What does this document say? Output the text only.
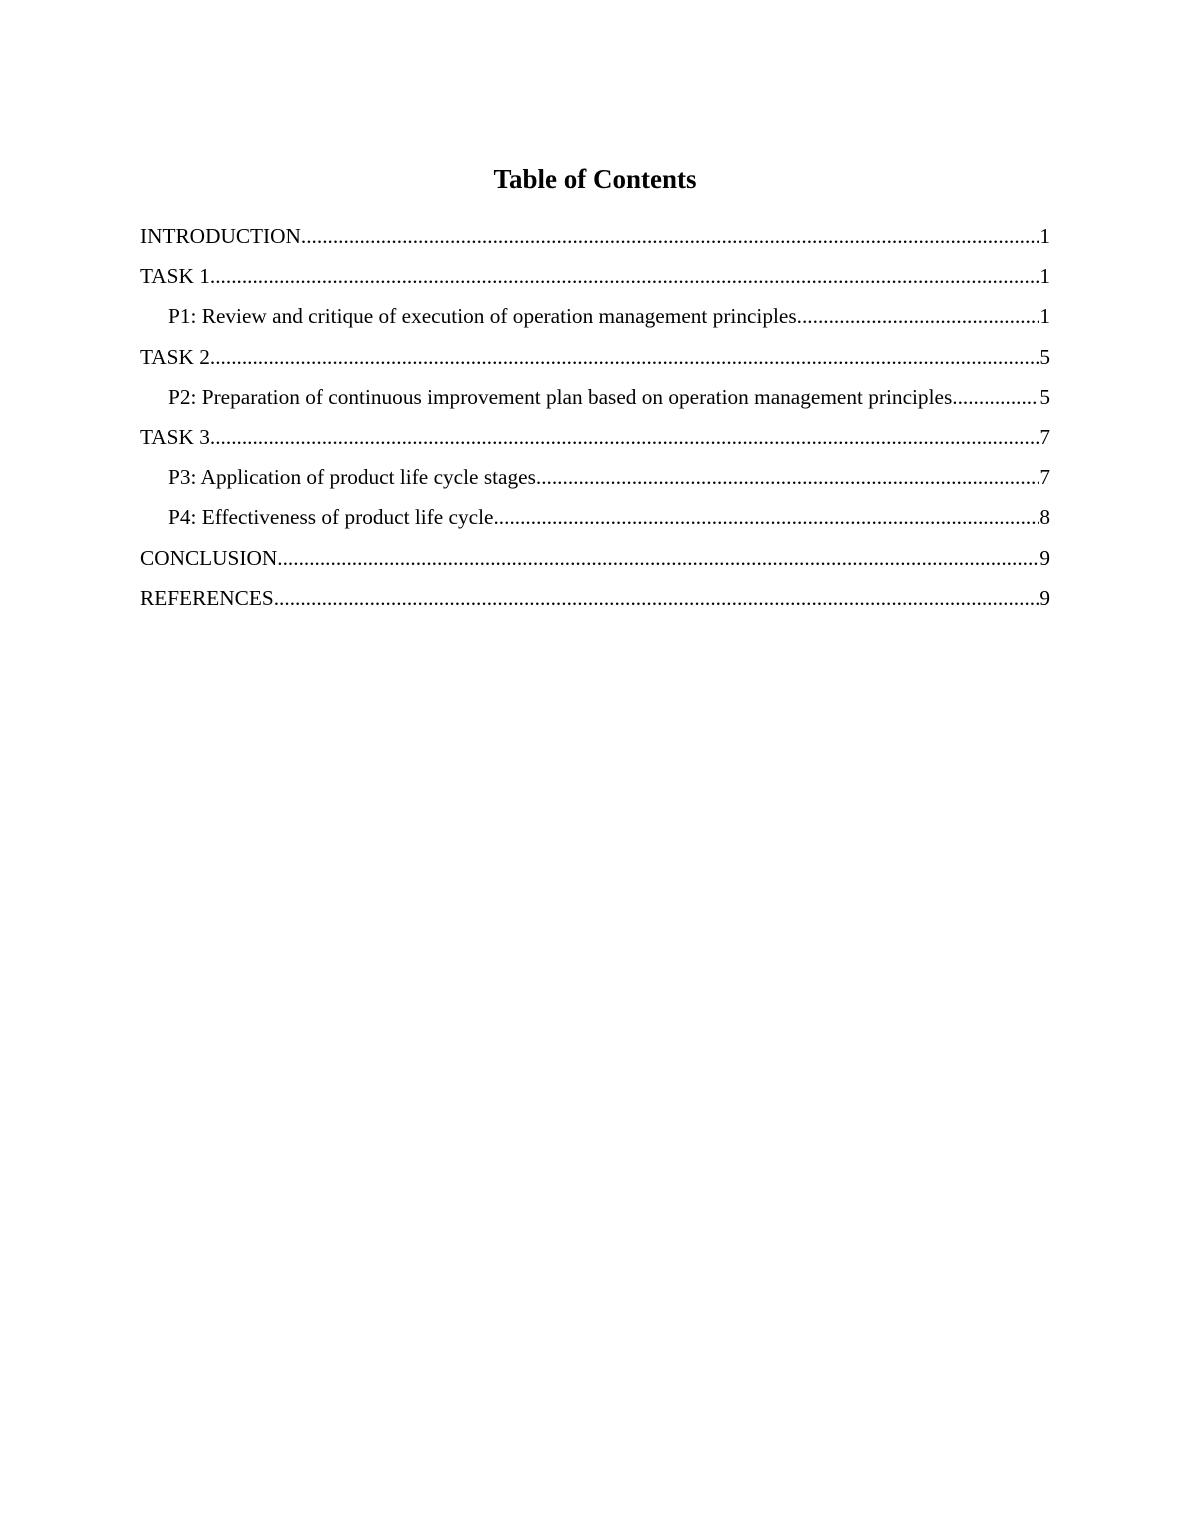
Table of Contents
INTRODUCTION .....	1
TASK 1 .....	1
P1: Review and critique of execution of operation management principles .....	1
TASK 2 .....	5
P2: Preparation of continuous improvement plan based on operation management principles. .....	5
TASK 3 .....	7
P3: Application of product life cycle stages .....	7
P4: Effectiveness of product life cycle .....	8
CONCLUSION .....	9
REFERENCES .....	9
